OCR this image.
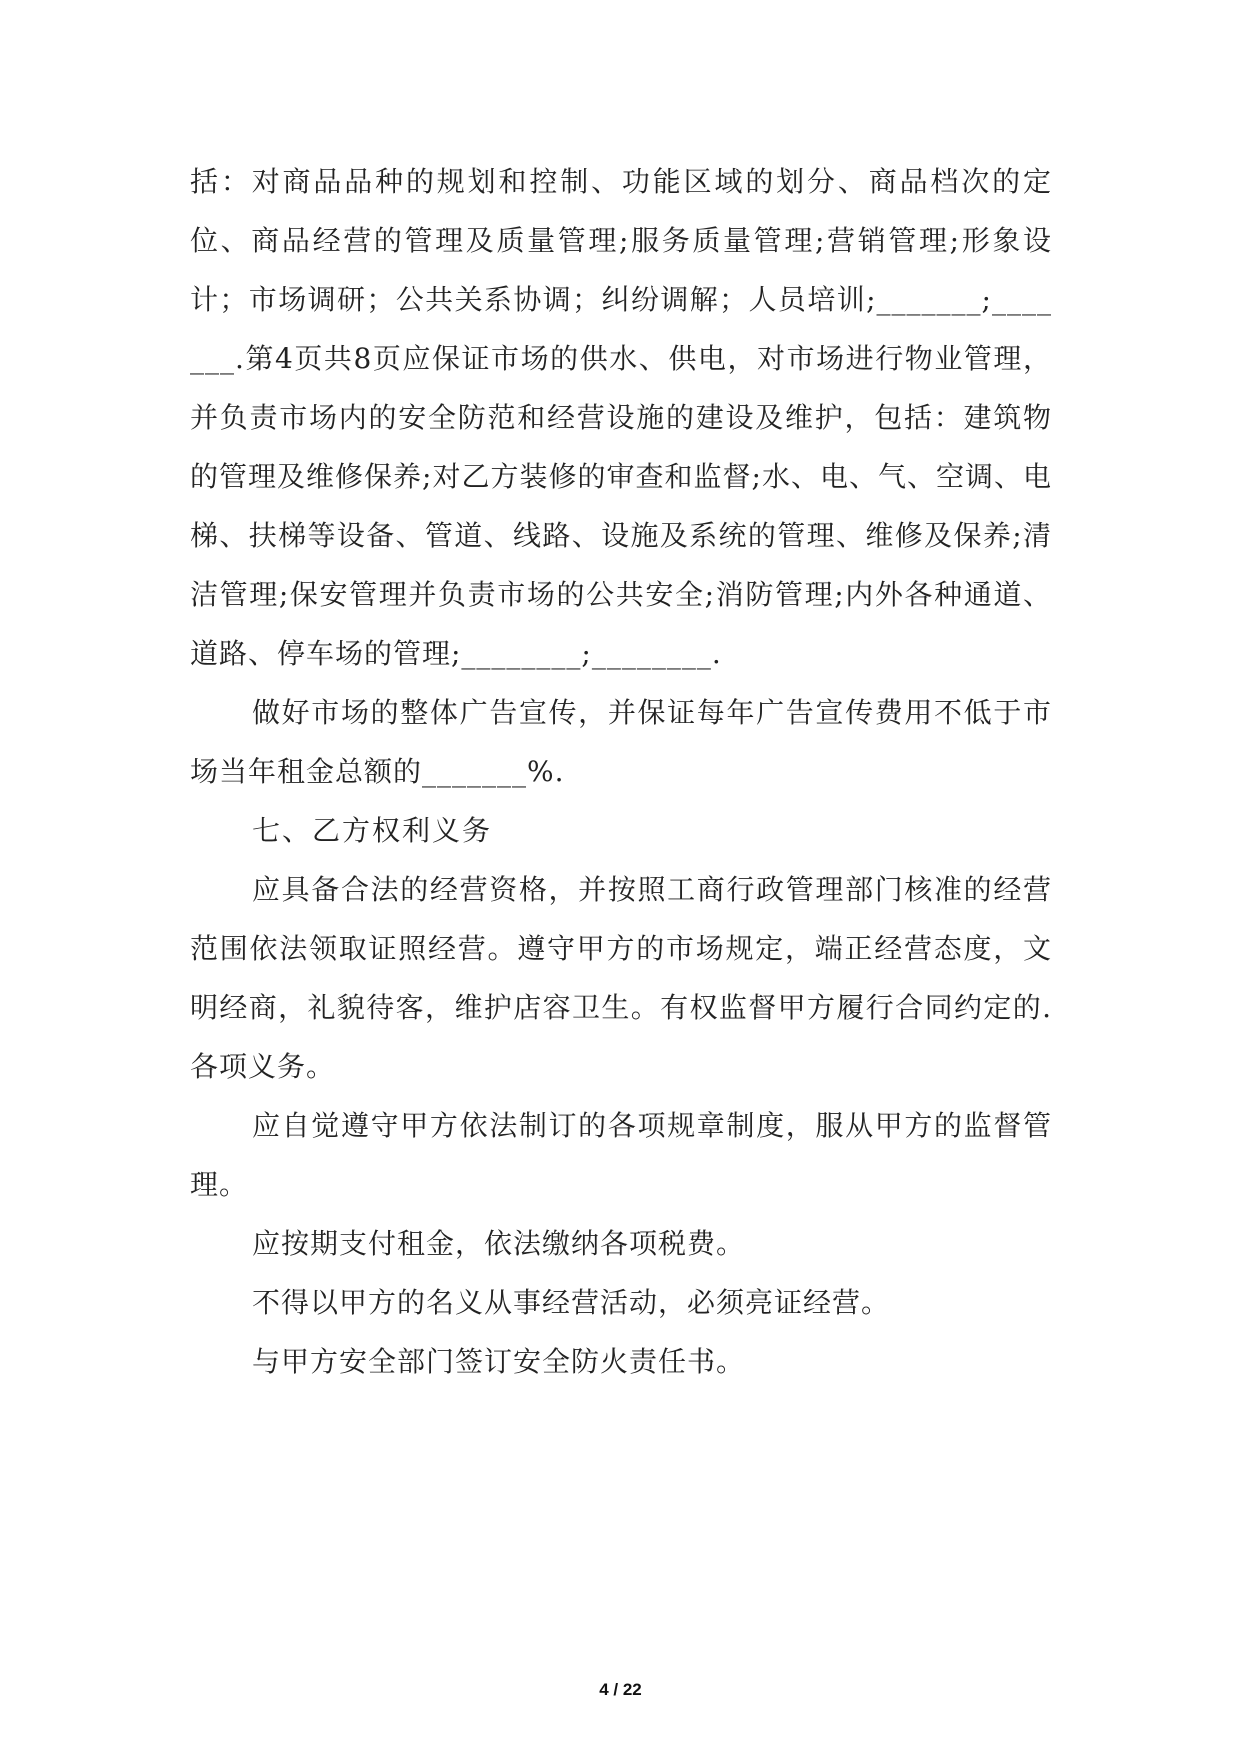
括：对商品品种的规划和控制、功能区域的划分、商品档次的定位、商品经营的管理及质量管理;服务质量管理;营销管理;形象设计；市场调研；公共关系协调；纠纷调解；人员培训;_______;_______.第4页共8页应保证市场的供水、供电，对市场进行物业管理，并负责市场内的安全防范和经营设施的建设及维护，包括：建筑物的管理及维修保养;对乙方装修的审查和监督;水、电、气、空调、电梯、扶梯等设备、管道、线路、设施及系统的管理、维修及保养;清洁管理;保安管理并负责市场的公共安全;消防管理;内外各种通道、道路、停车场的管理;________;________.

做好市场的整体广告宣传，并保证每年广告宣传费用不低于市场当年租金总额的_______%.

七、乙方权利义务

应具备合法的经营资格，并按照工商行政管理部门核准的经营范围依法领取证照经营。遵守甲方的市场规定，端正经营态度，文明经商，礼貌待客，维护店容卫生。有权监督甲方履行合同约定的.各项义务。

应自觉遵守甲方依法制订的各项规章制度，服从甲方的监督管理。

应按期支付租金，依法缴纳各项税费。

不得以甲方的名义从事经营活动，必须亮证经营。

与甲方安全部门签订安全防火责任书。

4 / 22
